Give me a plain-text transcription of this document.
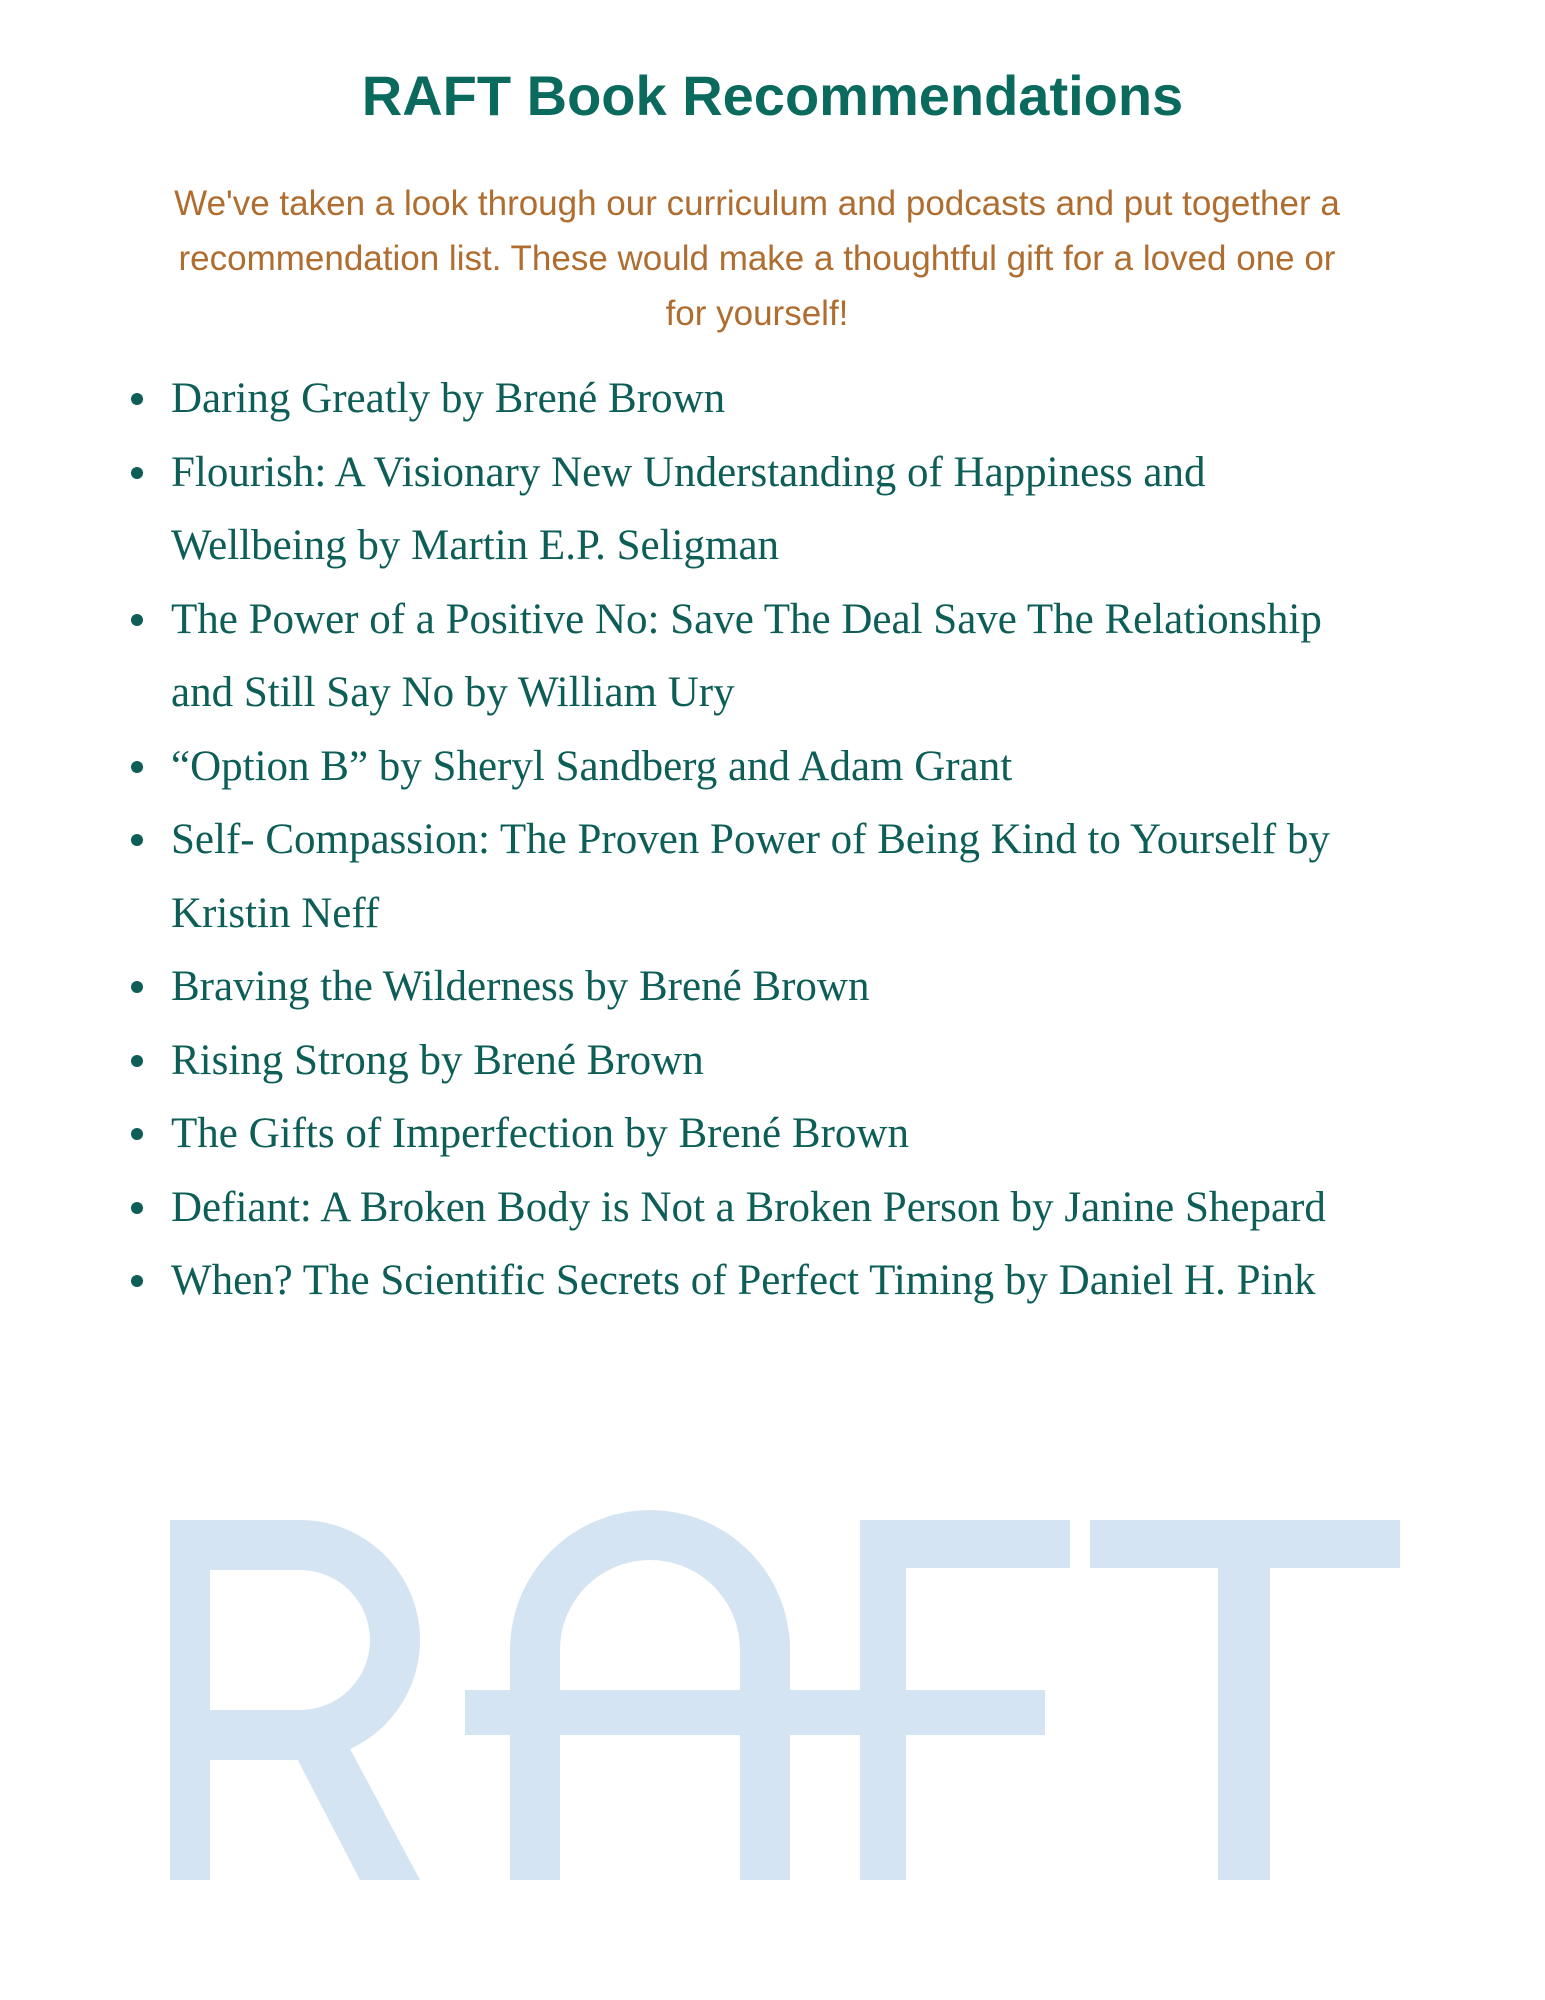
RAFT Book Recommendations

We've taken a look through our curriculum and podcasts and put together a recommendation list. These would make a thoughtful gift for a loved one or for yourself!

Daring Greatly by Brené Brown
Flourish: A Visionary New Understanding of Happiness and Wellbeing by Martin E.P. Seligman
The Power of a Positive No: Save The Deal Save The Relationship and Still Say No by William Ury
“Option B” by Sheryl Sandberg and Adam Grant
Self- Compassion: The Proven Power of Being Kind to Yourself by Kristin Neff
Braving the Wilderness by Brené Brown
Rising Strong by Brené Brown
The Gifts of Imperfection by Brené Brown
Defiant: A Broken Body is Not a Broken Person by Janine Shepard
When? The Scientific Secrets of Perfect Timing by Daniel H. Pink
